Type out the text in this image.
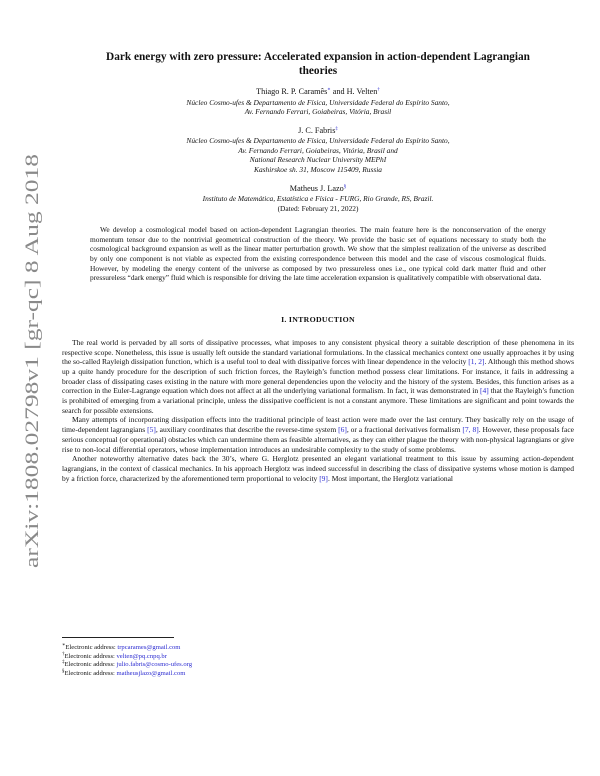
arXiv:1808.02798v1 [gr-qc] 8 Aug 2018
Dark energy with zero pressure: Accelerated expansion in action-dependent Lagrangian theories
Thiago R. P. Caramês∗ and H. Velten†
Núcleo Cosmo-ufes & Departamento de Física, Universidade Federal do Espírito Santo,
Av. Fernando Ferrari, Goiabeiras, Vitória, Brasil
J. C. Fabris‡
Núcleo Cosmo-ufes & Departamento de Física, Universidade Federal do Espírito Santo,
Av. Fernando Ferrari, Goiabeiras, Vitória, Brasil and
National Research Nuclear University MEPhI
Kashirskoe sh. 31, Moscow 115409, Russia
Matheus J. Lazo§
Instituto de Matemática, Estatística e Física - FURG, Rio Grande, RS, Brazil.
(Dated: February 21, 2022)
We develop a cosmological model based on action-dependent Lagrangian theories. The main feature here is the nonconservation of the energy momentum tensor due to the nontrivial geometrical construction of the theory. We provide the basic set of equations necessary to study both the cosmological background expansion as well as the linear matter perturbation growth. We show that the simplest realization of the universe as described by only one component is not viable as expected from the existing correspondence between this model and the case of viscous cosmological fluids. However, by modeling the energy content of the universe as composed by two pressureless ones i.e., one typical cold dark matter fluid and other pressureless “dark energy” fluid which is responsible for driving the late time acceleration expansion is qualitatively compatible with observational data.
I. INTRODUCTION

The real world is pervaded by all sorts of dissipative processes, what imposes to any consistent physical theory a suitable description of these phenomena in its respective scope. Nonetheless, this issue is usually left outside the standard variational formulations. In the classical mechanics context one usually approaches it by using the so-called Rayleigh dissipation function, which is a useful tool to deal with dissipative forces with linear dependence in the velocity [1, 2]. Although this method shows up a quite handy procedure for the description of such friction forces, the Rayleigh’s function method possess clear limitations. For instance, it fails in addressing a broader class of dissipating cases existing in the nature with more general dependencies upon the velocity and the history of the system. Besides, this function arises as a correction in the Euler-Lagrange equation which does not affect at all the underlying variational formalism. In fact, it was demonstrated in [4] that the Rayleigh’s function is prohibited of emerging from a variational principle, unless the dissipative coefficient is not a constant anymore. These limitations are significant and point towards the search for possible extensions.

Many attempts of incorporating dissipation effects into the traditional principle of least action were made over the last century. They basically rely on the usage of time-dependent lagrangians [5], auxiliary coordinates that describe the reverse-time system [6], or a fractional derivatives formalism [7, 8]. However, these proposals face serious conceptual (or operational) obstacles which can undermine them as feasible alternatives, as they can either plague the theory with non-physical lagrangians or give rise to non-local differential operators, whose implementation introduces an undesirable complexity to the study of some problems.

Another noteworthy alternative dates back the 30’s, where G. Herglotz presented an elegant variational treatment to this issue by assuming action-dependent lagrangians, in the context of classical mechanics. In his approach Herglotz was indeed successful in describing the class of dissipative systems whose motion is damped by a friction force, characterized by the aforementioned term proportional to velocity [9]. Most important, the Herglotz variational

∗Electronic address: trpcarames@gmail.com
†Electronic address: velten@pq.cnpq.br
‡Electronic address: julio.fabris@cosmo-ufes.org
§Electronic address: matheusjlazo@gmail.com
